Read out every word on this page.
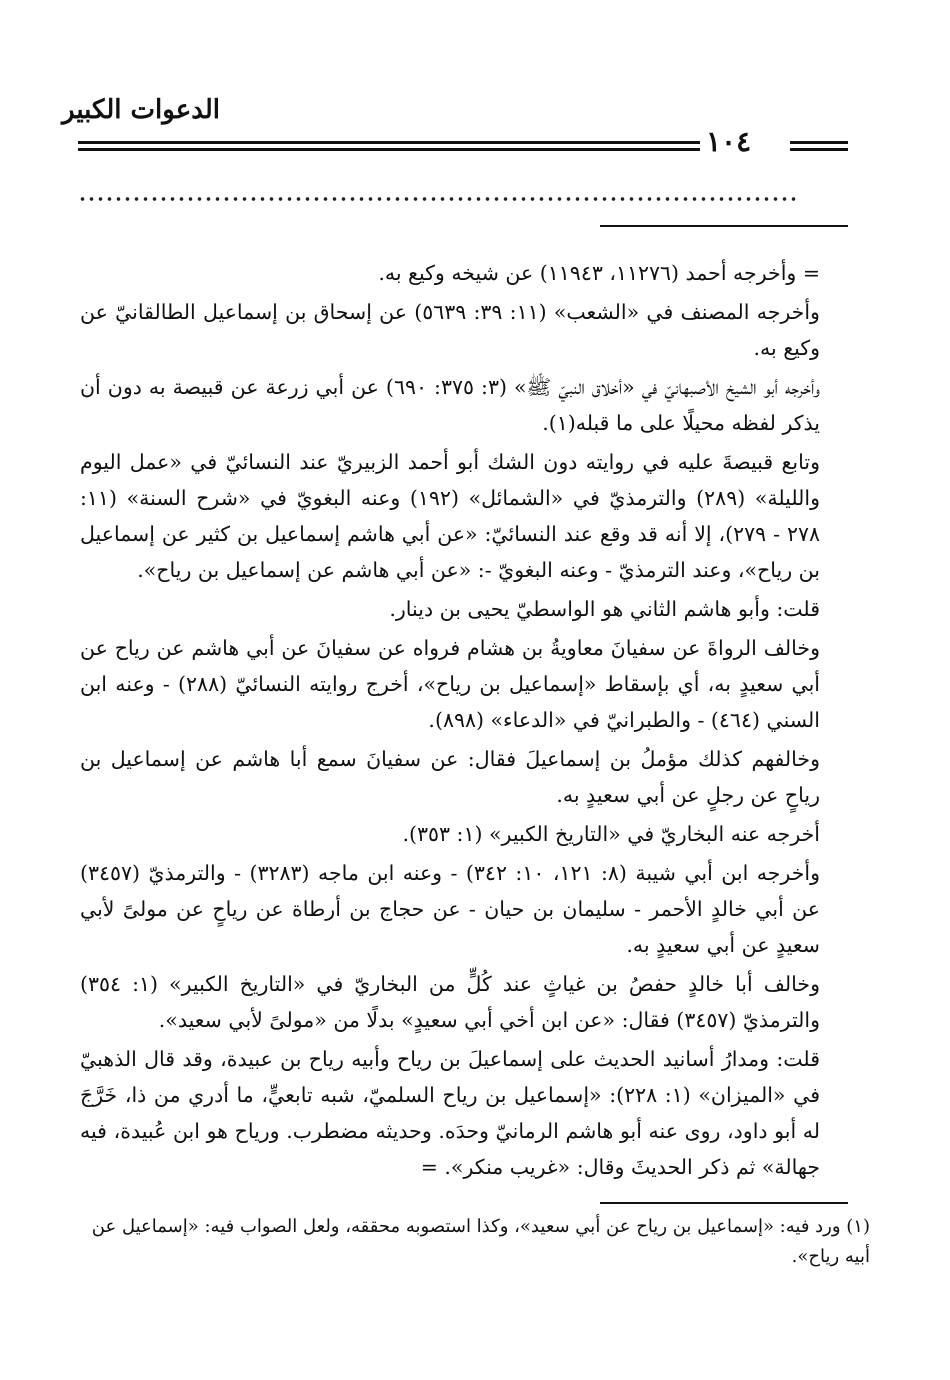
الدعوات الكبير
١٠٤

= وأخرجه أحمد (١١٢٧٦، ١١٩٤٣) عن شيخه وكيع به.

وأخرجه المصنف في «الشعب» (١١: ٣٩: ٥٦٣٩) عن إسحاق بن إسماعيل الطالقانيّ عن وكيع به.

وأخرجه أبو الشيخ الأصبهانيّ في «أخلاق النبيّ ﷺ» (٣: ٣٧٥: ٦٩٠) عن أبي زرعة عن قبيصة به دون أن يذكر لفظه محيلًا على ما قبله(١).

وتابع قبيصةَ عليه في روايته دون الشك أبو أحمد الزبيريّ عند النسائيّ في «عمل اليوم والليلة» (٢٨٩) والترمذيّ في «الشمائل» (١٩٢) وعنه البغويّ في «شرح السنة» (١١: ٢٧٨ - ٢٧٩)، إلا أنه قد وقع عند النسائيّ: «عن أبي هاشم إسماعيل بن كثير عن إسماعيل بن رياح»، وعند الترمذيّ - وعنه البغويّ -: «عن أبي هاشم عن إسماعيل بن رياح».

قلت: وأبو هاشم الثاني هو الواسطيّ يحيى بن دينار.

وخالف الرواةَ عن سفيانَ معاويةُ بن هشام فرواه عن سفيانَ عن أبي هاشم عن رياح عن أبي سعيدٍ به، أي بإسقاط «إسماعيل بن رياح»، أخرج روايته النسائيّ (٢٨٨) - وعنه ابن السني (٤٦٤) - والطبرانيّ في «الدعاء» (٨٩٨).

وخالفهم كذلك مؤملُ بن إسماعيلَ فقال: عن سفيانَ سمع أبا هاشم عن إسماعيل بن رياحٍ عن رجلٍ عن أبي سعيدٍ به.

أخرجه عنه البخاريّ في «التاريخ الكبير» (١: ٣٥٣).

وأخرجه ابن أبي شيبة (٨: ١٢١، ١٠: ٣٤٢) - وعنه ابن ماجه (٣٢٨٣) - والترمذيّ (٣٤٥٧) عن أبي خالدٍ الأحمر - سليمان بن حيان - عن حجاج بن أرطاة عن رياحٍ عن مولىً لأبي سعيدٍ عن أبي سعيدٍ به.

وخالف أبا خالدٍ حفصُ بن غياثٍ عند كُلٍّ من البخاريّ في «التاريخ الكبير» (١: ٣٥٤) والترمذيّ (٣٤٥٧) فقال: «عن ابن أخي أبي سعيدٍ» بدلًا من «مولىً لأبي سعيد».

قلت: ومدارُ أسانيد الحديث على إسماعيلَ بن رياح وأبيه رياح بن عبيدة، وقد قال الذهبيّ في «الميزان» (١: ٢٢٨): «إسماعيل بن رياح السلميّ، شبه تابعيٍّ، ما أدري من ذا، خَرَّجَ له أبو داود، روى عنه أبو هاشم الرمانيّ وحدَه. وحديثه مضطرب. ورياح هو ابن عُبيدة، فيه جهالة» ثم ذكر الحديثَ وقال: «غريب منكر». =

(١) ورد فيه: «إسماعيل بن رياح عن أبي سعيد»، وكذا استصوبه محققه، ولعل الصواب فيه: «إسماعيل عن أبيه رياح».
